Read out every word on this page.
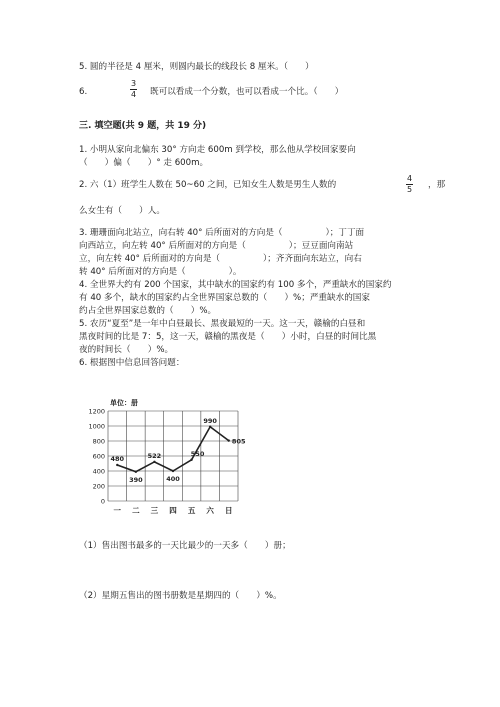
5. 圆的半径是 4 厘米，则圆内最长的线段长 8 厘米。（　　）
6.
3
4 既可以看成一个分数，也可以看成一个比。（　　）
三. 填空题(共 9 题，共 19 分)
1. 小明从家向北偏东 30° 方向走 600m 到学校，那么他从学校回家要向
（　　）偏（　　）° 走 600m。
2. 六（1）班学生人数在 50~60 之间，已知女生人数是男生人数的
4
5 ，那
么女生有（　　）人。
3. 珊珊面向北站立，向右转 40° 后所面对的方向是（　　　　　）；丁丁面
向西站立，向左转 40° 后所面对的方向是（　　　　　）；豆豆面向南站
立，向左转 40° 后所面对的方向是（　　　　　）；齐齐面向东站立，向右
转 40° 后所面对的方向是（　　　　　）。
4. 全世界大约有 200 个国家，其中缺水的国家约有 100 多个，严重缺水的国家约
有 40 多个，缺水的国家约占全世界国家总数的（　　）%；严重缺水的国家
约占全世界国家总数的（　　）%。
5. 农历“夏至”是一年中白昼最长、黑夜最短的一天。这一天，赣榆的白昼和
黑夜时间的比是 7：5，这一天，赣榆的黑夜是（　　）小时，白昼的时间比黑
夜的时间长（　　）%。
6. 根据图中信息回答问题：
0
200
400
600
800
1000
1200
一 二 三 四 五 六 日
480
390
522
400
550
990
805
单位：册
（1）售出图书最多的一天比最少的一天多（　　）册；
（2）星期五售出的图书册数是星期四的（　　）%。
